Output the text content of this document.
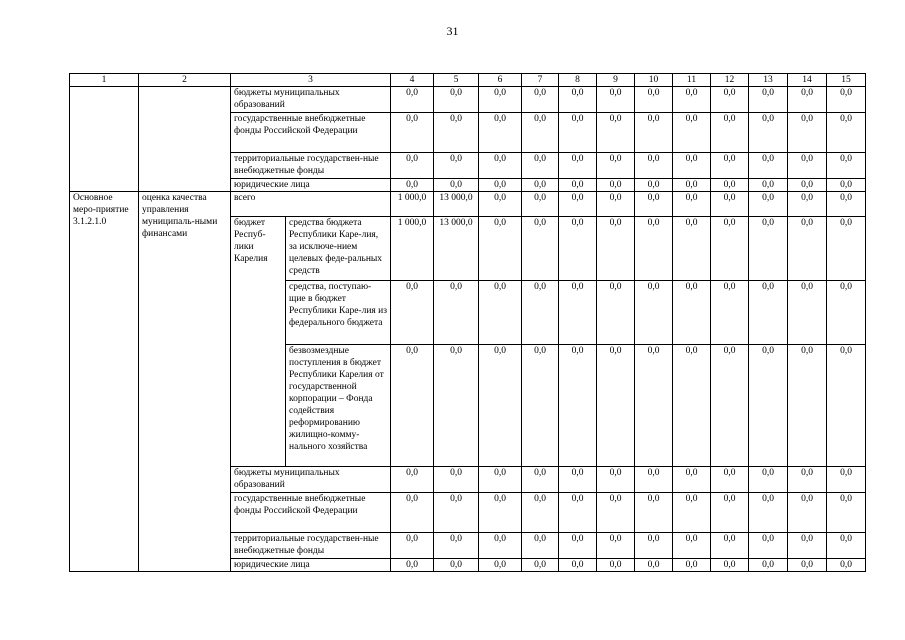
31
1	2	3		4	5	6	7	8	9	10	11	12	13	14	15
		бюджеты муниципальных образований		0,0	0,0	0,0	0,0	0,0	0,0	0,0	0,0	0,0	0,0	0,0	0,0
		государственные внебюджетные фонды Российской Федерации		0,0	0,0	0,0	0,0	0,0	0,0	0,0	0,0	0,0	0,0	0,0	0,0
		территориальные государствен-ные внебюджетные фонды		0,0	0,0	0,0	0,0	0,0	0,0	0,0	0,0	0,0	0,0	0,0	0,0
		юридические лица		0,0	0,0	0,0	0,0	0,0	0,0	0,0	0,0	0,0	0,0	0,0	0,0
Основное меро-приятие 3.1.2.1.0	оценка качества управления муниципаль-ными финансами	всего		1 000,0	13 000,0	0,0	0,0	0,0	0,0	0,0	0,0	0,0	0,0	0,0	0,0
		бюджет Респуб-лики Карелия	средства бюджета Республики Каре-лия, за исключе-нием целевых феде-ральных средств	1 000,0	13 000,0	0,0	0,0	0,0	0,0	0,0	0,0	0,0	0,0	0,0	0,0
			средства, поступаю-щие в бюджет Республики Каре-лия из федерального бюджета	0,0	0,0	0,0	0,0	0,0	0,0	0,0	0,0	0,0	0,0	0,0	0,0
			безвозмездные поступления в бюджет Республики Карелия от государственной корпорации – Фонда содействия реформированию жилищно-комму-нального хозяйства	0,0	0,0	0,0	0,0	0,0	0,0	0,0	0,0	0,0	0,0	0,0	0,0
		бюджеты муниципальных образований		0,0	0,0	0,0	0,0	0,0	0,0	0,0	0,0	0,0	0,0	0,0	0,0
		государственные внебюджетные фонды Российской Федерации		0,0	0,0	0,0	0,0	0,0	0,0	0,0	0,0	0,0	0,0	0,0	0,0
		территориальные государствен-ные внебюджетные фонды		0,0	0,0	0,0	0,0	0,0	0,0	0,0	0,0	0,0	0,0	0,0	0,0
		юридические лица		0,0	0,0	0,0	0,0	0,0	0,0	0,0	0,0	0,0	0,0	0,0	0,0
